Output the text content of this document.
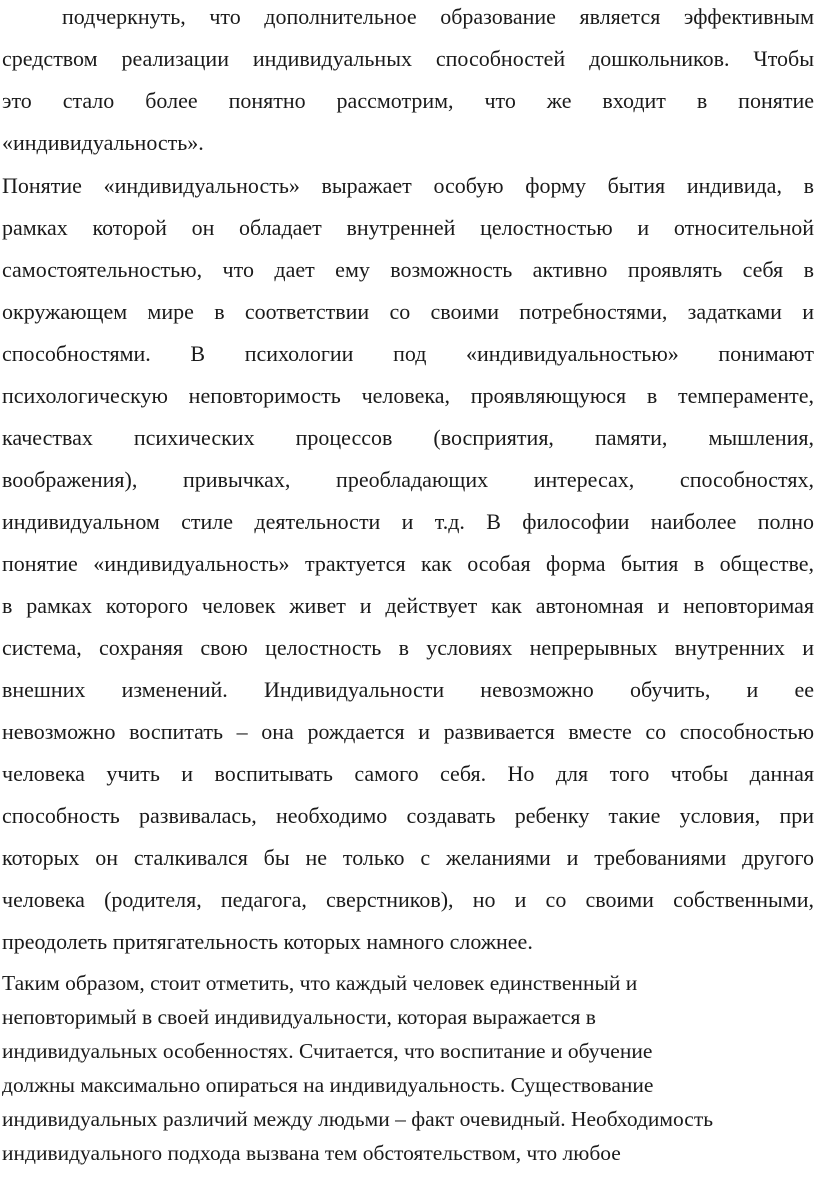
подчеркнуть, что дополнительное образование является эффективным
средством реализации индивидуальных способностей дошкольников. Чтобы
это стало более понятно рассмотрим, что же входит в понятие
«индивидуальность».
Понятие «индивидуальность» выражает особую форму бытия индивида, в
рамках которой он обладает внутренней целостностью и относительной
самостоятельностью, что дает ему возможность активно проявлять себя в
окружающем мире в соответствии со своими потребностями, задатками и
способностями. В психологии под «индивидуальностью» понимают
психологическую неповторимость человека, проявляющуюся в темпераменте,
качествах психических процессов (восприятия, памяти, мышления,
воображения), привычках, преобладающих интересах, способностях,
индивидуальном стиле деятельности и т.д. В философии наиболее полно
понятие «индивидуальность» трактуется как особая форма бытия в обществе,
в рамках которого человек живет и действует как автономная и неповторимая
система, сохраняя свою целостность в условиях непрерывных внутренних и
внешних изменений. Индивидуальности невозможно обучить, и ее
невозможно воспитать – она рождается и развивается вместе со способностью
человека учить и воспитывать самого себя. Но для того чтобы данная
способность развивалась, необходимо создавать ребенку такие условия, при
которых он сталкивался бы не только с желаниями и требованиями другого
человека (родителя, педагога, сверстников), но и со своими собственными,
преодолеть притягательность которых намного сложнее.
Таким образом, стоит отметить, что каждый человек единственный и
неповторимый в своей индивидуальности, которая выражается в
индивидуальных особенностях. Считается, что воспитание и обучение
должны максимально опираться на индивидуальность. Существование
индивидуальных различий между людьми – факт очевидный. Необходимость
индивидуального подхода вызвана тем обстоятельством, что любое
